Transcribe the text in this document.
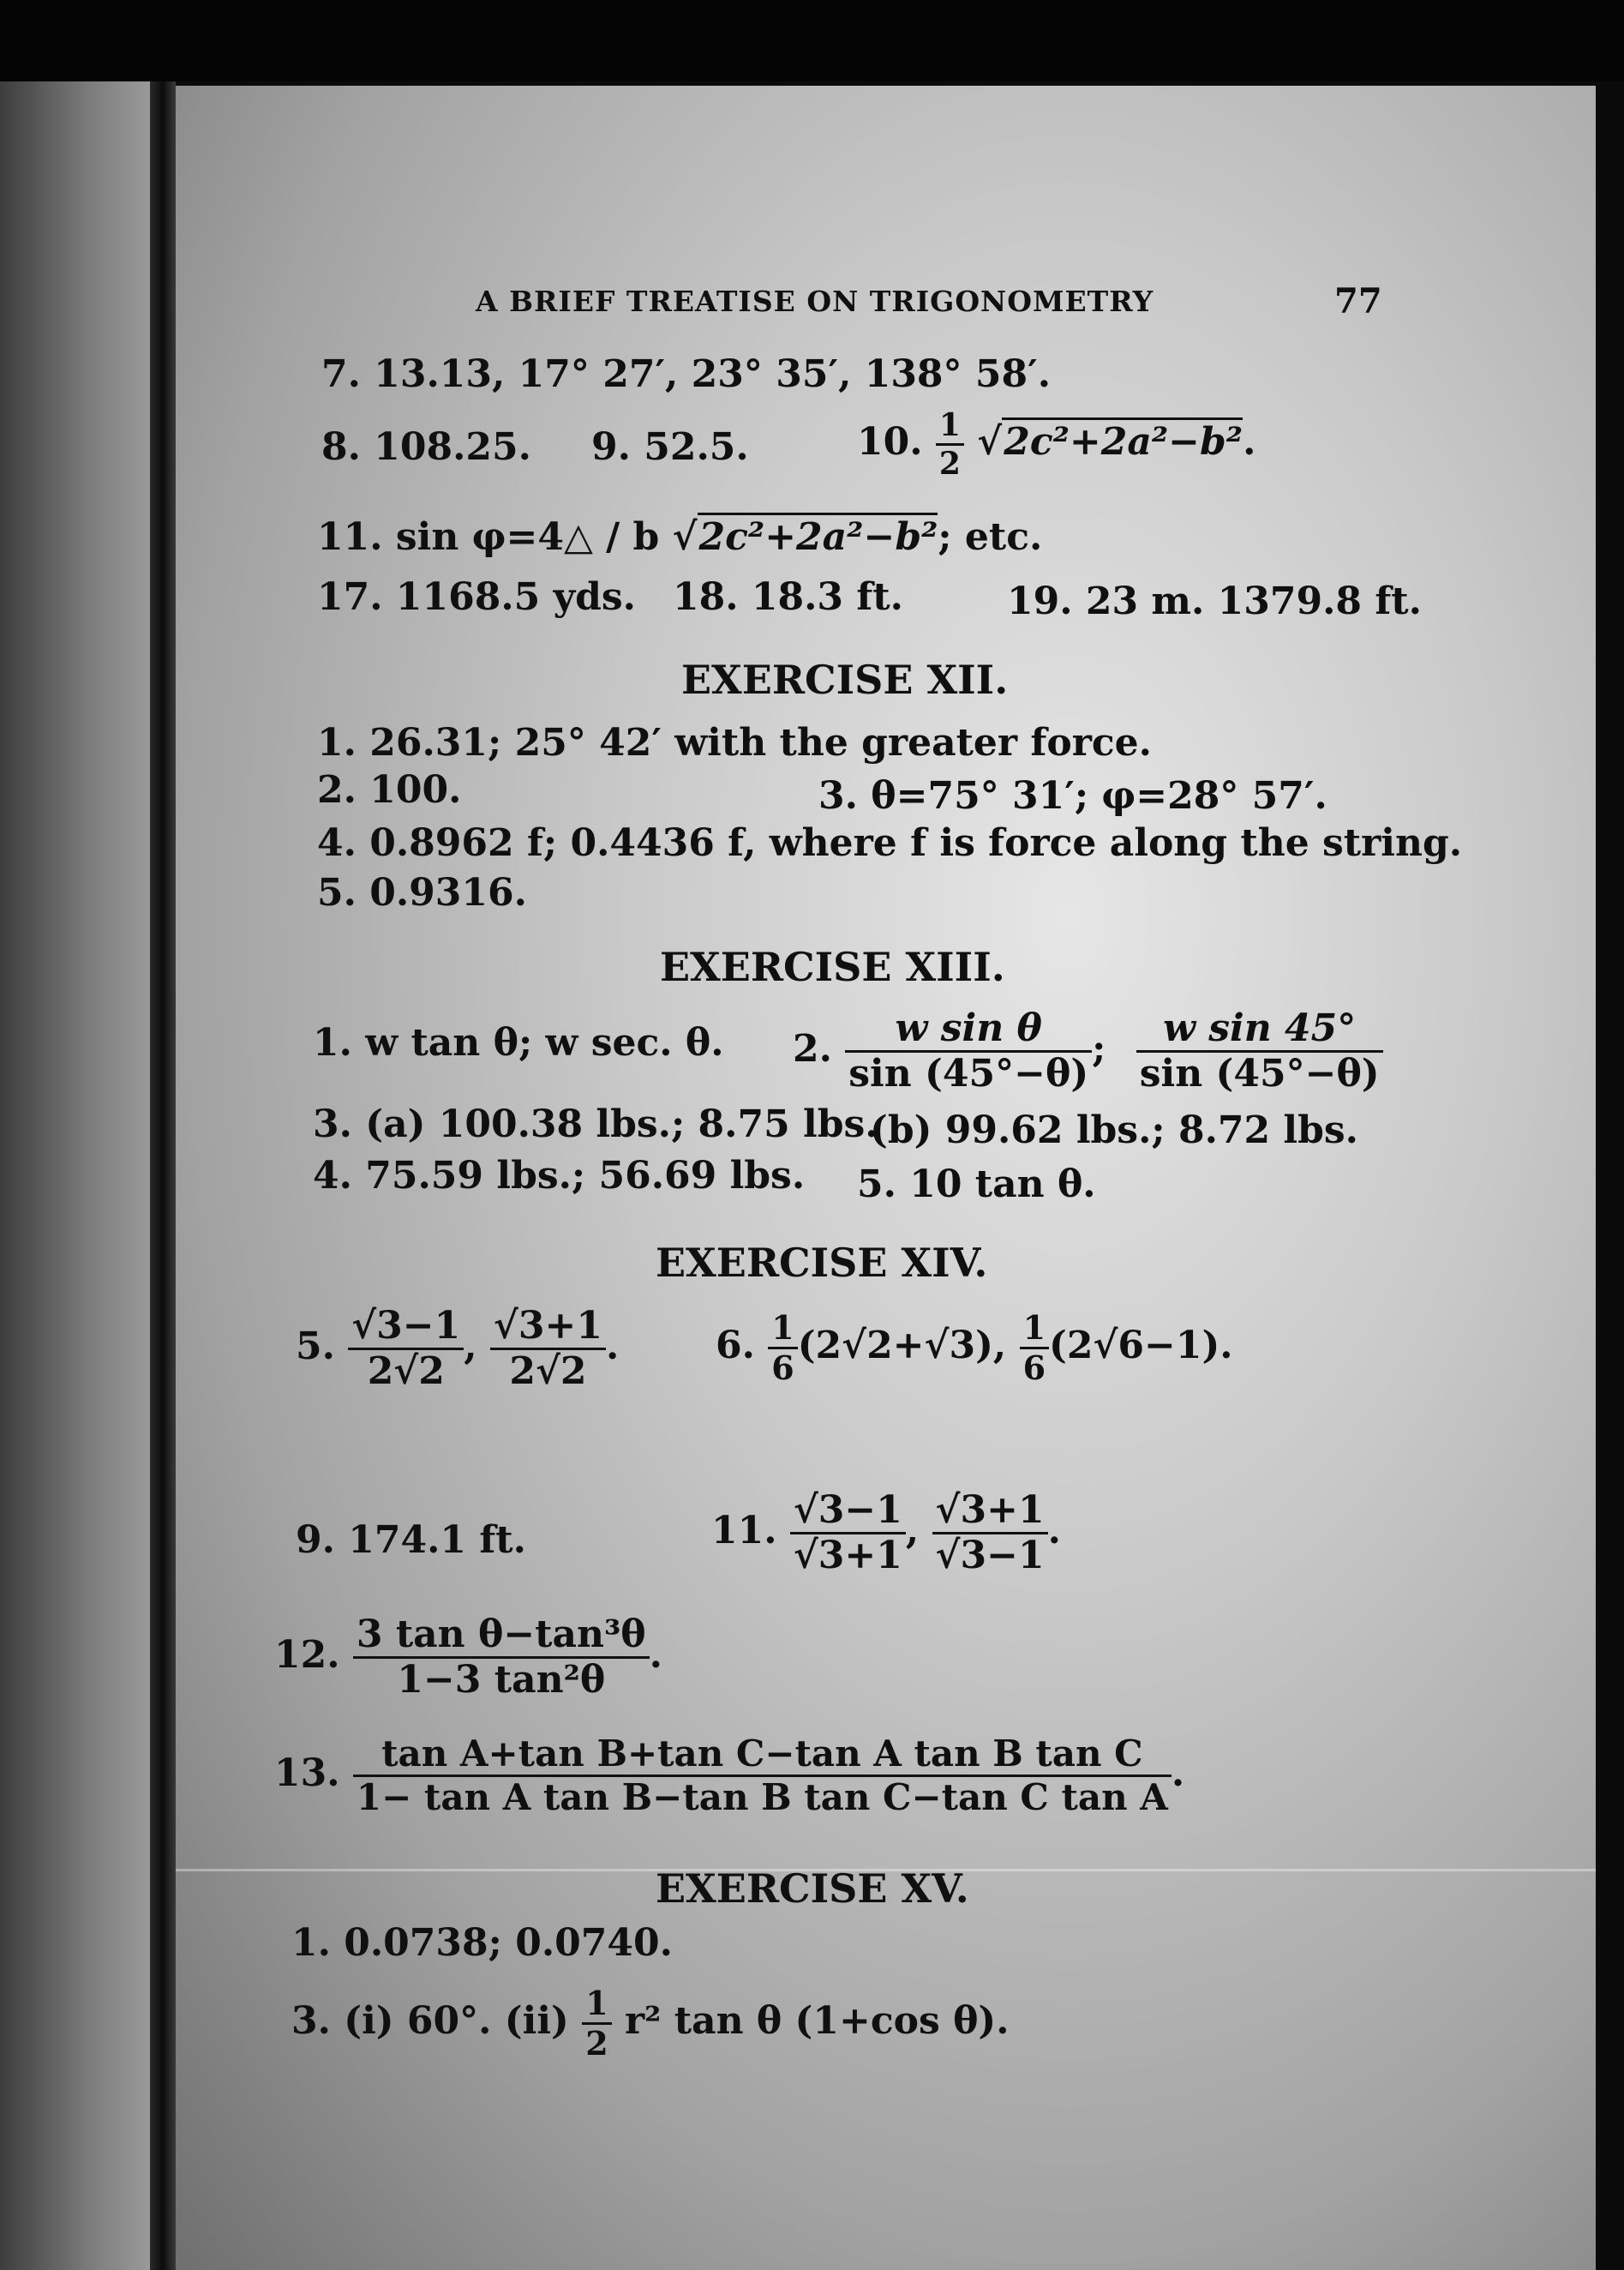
A BRIEF TREATISE ON TRIGONOMETRY	77
7. 13.13, 17° 27′, 23° 35′, 138° 58′.
8. 108.25. 9. 52.5.	10. $\frac{1}{2} √2c^2+2a^2-b^2$.
11. sin φ=4△ / b √2c²+2a²−b²; etc.
17. 1168.5 yds. 18. 18.3 ft.	19. 23 m. 1379.8 ft.
EXERCISE XII.
1. 26.31; 25° 42′ with the greater force.
2. 100.	3. θ=75° 31′; φ=28° 57′.
4. 0.8962 f; 0.4436 f, where f is force along the string.
5. 0.9316.
EXERCISE XIII.
1. w tan θ; w sec. θ. 2. $\frac{\text{w sin θ}}{\sin (45^\circ-\theta)}$ ; $\frac{\text{w sin 45°}}{\sin (45^\circ-\theta)}$
3. (a) 100.38 lbs.; 8.75 lbs.
(b) 99.62 lbs.; 8.72 lbs.
4. 75.59 lbs.; 56.69 lbs. 5. 10 tan θ.
EXERCISE XIV.
5. $\frac{√3-1}{2√2}$ , $\frac{√3+1}{2√2}$ .	6. $\frac{1}{6} (2√2+√3)$, $\frac{1}{6} (2√6-1)$.
9. 174.1 ft.	11. $\frac{√3-1}{√3+1}$ , $\frac{√3+1}{√3-1}$ .
12. $\frac{\text{3 tan θ−tan³θ}}{\text{1−3 tan²θ}}$ .
13. $\frac{\text{tan A+tan B+tan C−tan A tan B tan C}}{\text{1− tan A tan B−tan B tan C−tan C tan A}}$ .
EXERCISE XV.
1. 0.0738; 0.0740.
3. (i) 60°. $(ii) \frac{1}{2} r^2$ tan θ (1+cos θ).
